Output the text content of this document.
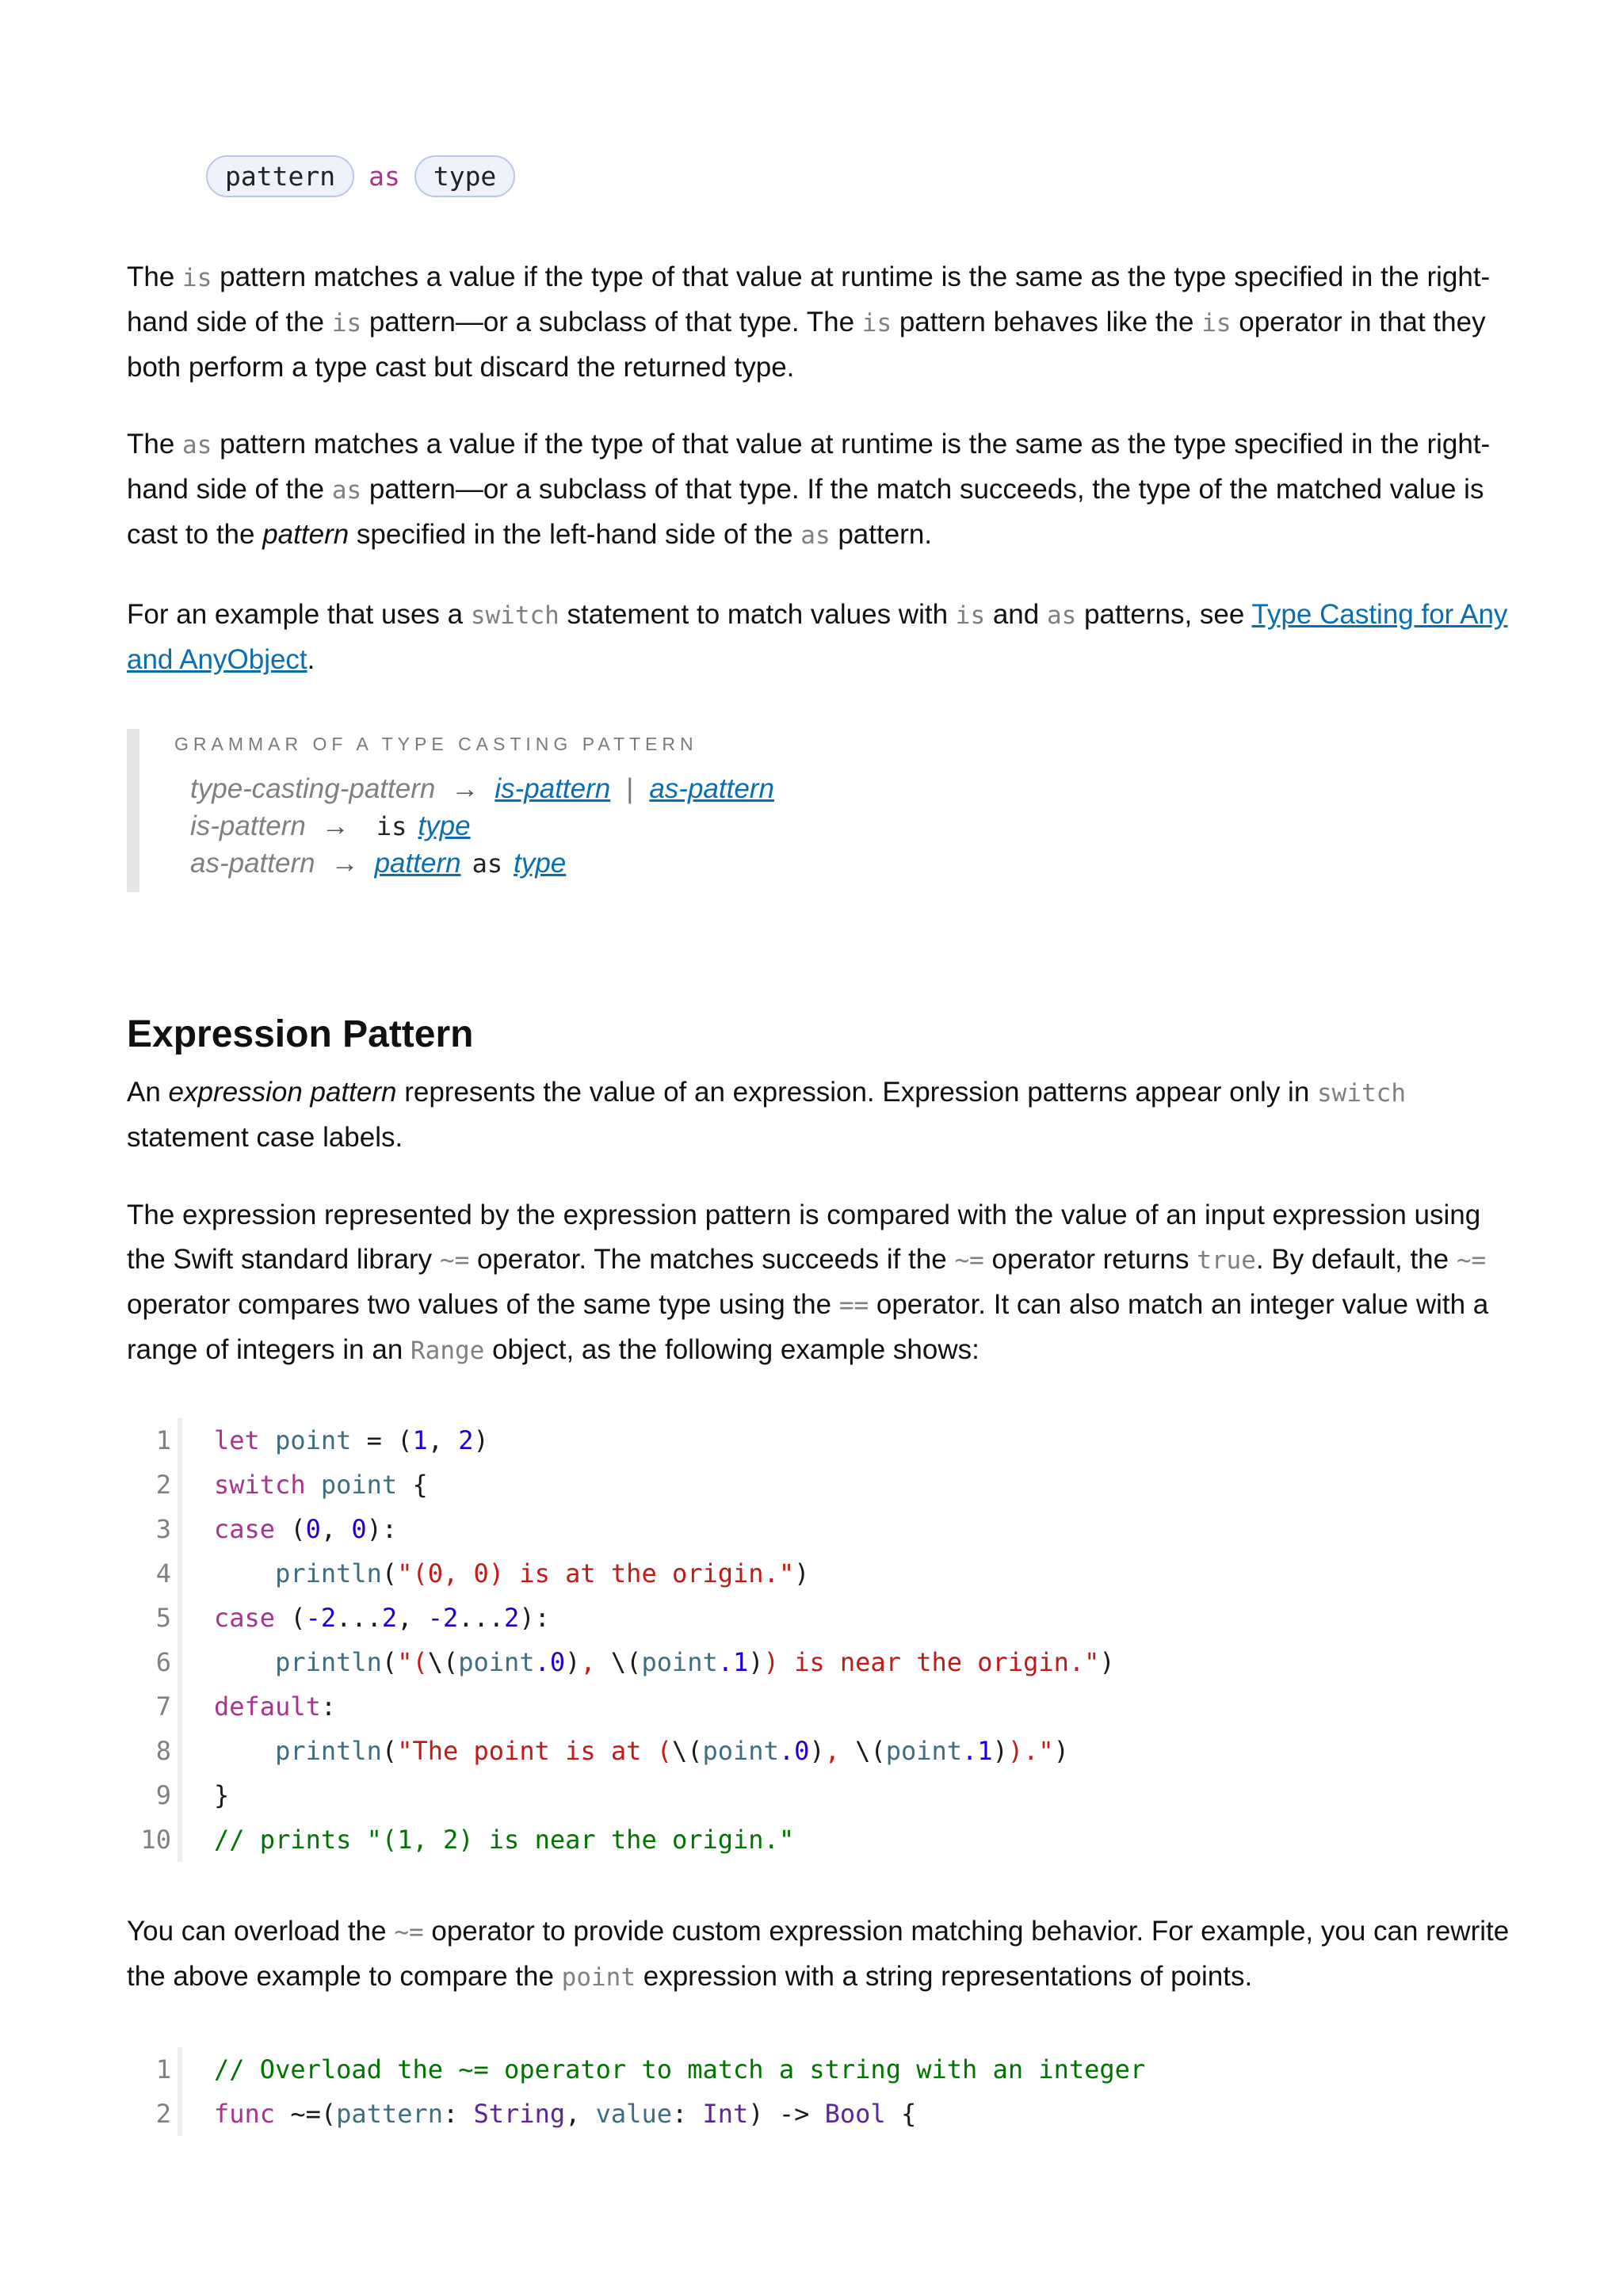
pattern	as	type

The is pattern matches a value if the type of that value at runtime is the same as the type specified in the right-hand side of the is pattern—or a subclass of that type. The is pattern behaves like the is operator in that they both perform a type cast but discard the returned type.

The as pattern matches a value if the type of that value at runtime is the same as the type specified in the right-hand side of the as pattern—or a subclass of that type. If the match succeeds, the type of the matched value is cast to the pattern specified in the left-hand side of the as pattern.

For an example that uses a switch statement to match values with is and as patterns, see Type Casting for Any and AnyObject.

GRAMMAR OF A TYPE CASTING PATTERN
type-casting-pattern → is-pattern | as-pattern
is-pattern → is type
as-pattern → pattern as type
Expression Pattern

An expression pattern represents the value of an expression. Expression patterns appear only in switch statement case labels.

The expression represented by the expression pattern is compared with the value of an input expression using the Swift standard library ~= operator. The matches succeeds if the ~= operator returns true. By default, the ~= operator compares two values of the same type using the == operator. It can also match an integer value with a range of integers in an Range object, as the following example shows:

1 let point = (1, 2)
2 switch point {
3 case (0, 0):
4	println("(0, 0) is at the origin.")
5 case (-2...2, -2...2):
6	println("(\(point.0), \(point.1)) is near the origin.")
7 default:
8	println("The point is at (\(point.0), \(point.1)).")
9 }
10 // prints "(1, 2) is near the origin."

You can overload the ~= operator to provide custom expression matching behavior. For example, you can rewrite the above example to compare the point expression with a string representations of points.

1 // Overload the ~= operator to match a string with an integer
2 func ~=(pattern: String, value: Int) -> Bool {
